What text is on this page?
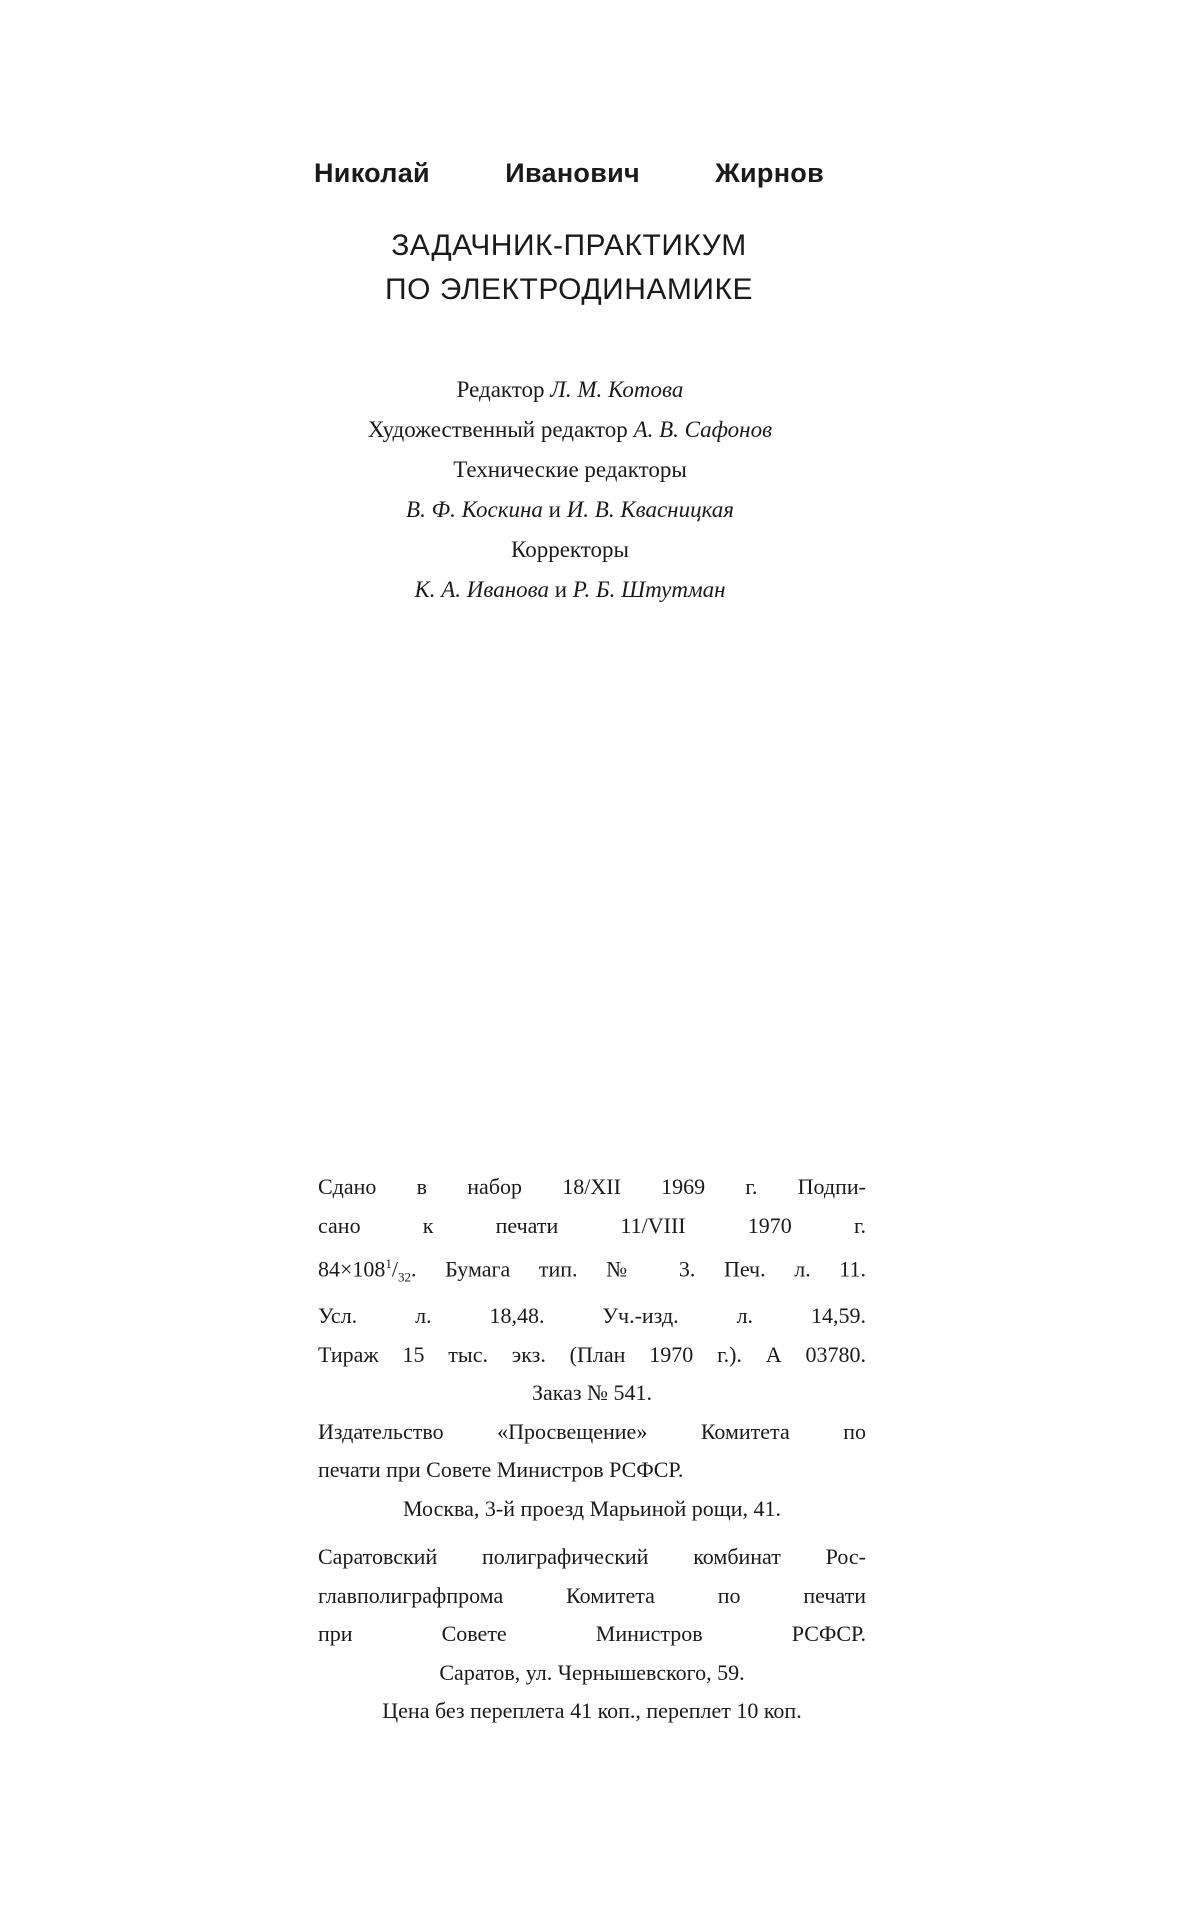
Николай	Иванович	Жирнов
ЗАДАЧНИК-ПРАКТИКУМ
ПО ЭЛЕКТРОДИНАМИКЕ
Редактор Л. М. Котова
Художественный редактор А. В. Сафонов
Технические редакторы
В. Ф. Коскина и И. В. Квасницкая
Корректоры
К. А. Иванова и Р. Б. Штутман
Сдано в набор 18/XII 1969 г. Подпи-
сано к печати 11/VIII 1970 г.
$84\times 108^1/_{32}$. Бумага тип. № 3. Печ. л. 11.
Усл. л. 18,48. Уч.-изд. л. 14,59.
Тираж 15 тыс. экз. (План 1970 г.). А 03780.
Заказ № 541.
Издательство «Просвещение» Комитета по
печати при Совете Министров РСФСР.
Москва, 3-й проезд Марьиной рощи, 41.
Саратовский полиграфический комбинат Рос-
главполиграфпрома Комитета по печати
при Совете Министров РСФСР.
Саратов, ул. Чернышевского, 59.
Цена без переплета 41 коп., переплет 10 коп.
